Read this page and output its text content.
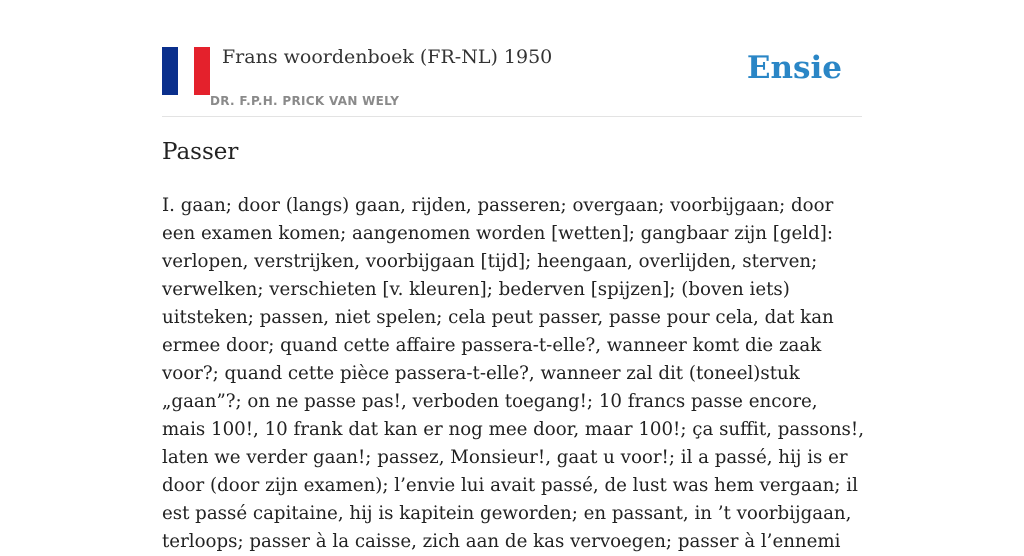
Frans woordenboek (FR-NL) 1950
DR. F.P.H. PRICK VAN WELY
Ensie
Passer

I. gaan; door (langs) gaan, rijden, passeren; overgaan; voorbijgaan; door een examen komen; aangenomen worden [wetten]; gangbaar zijn [geld]: verlopen, verstrijken, voorbijgaan [tijd]; heengaan, overlijden, sterven; verwelken; verschieten [v. kleuren]; bederven [spijzen]; (boven iets) uitsteken; passen, niet spelen; cela peut passer, passe pour cela, dat kan ermee door; quand cette affaire passera-t-elle?, wanneer komt die zaak voor?; quand cette pièce passera-t-elle?, wanneer zal dit (toneel)stuk „gaan”?; on ne passe pas!, verboden toegang!; 10 francs passe encore, mais 100!, 10 frank dat kan er nog mee door, maar 100!; ça suffit, passons!, laten we verder gaan!; passez, Monsieur!, gaat u voor!; il a passé, hij is er door (door zijn examen); l’envie lui avait passé, de lust was hem vergaan; il est passé capitaine, hij is kapitein geworden; en passant, in ’t voorbijgaan, terloops; passer à la caisse, zich aan de kas vervoegen; passer à l’ennemi
